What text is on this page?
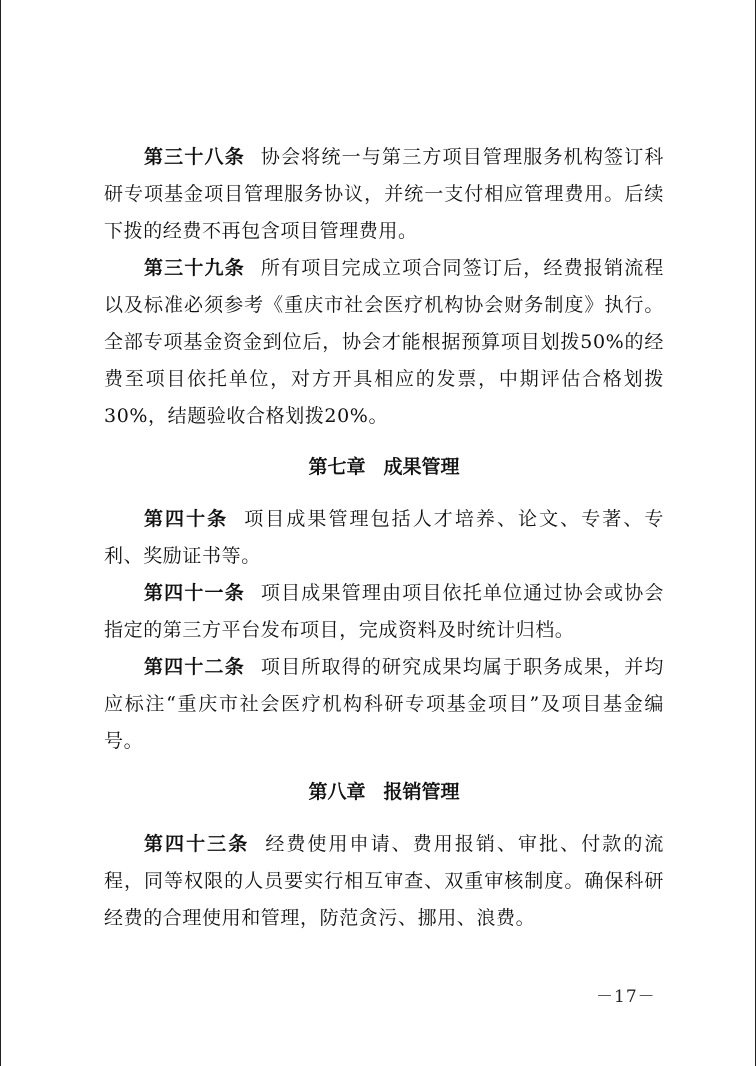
第三十八条 协会将统一与第三方项目管理服务机构签订科研专项基金项目管理服务协议，并统一支付相应管理费用。后续下拨的经费不再包含项目管理费用。

第三十九条 所有项目完成立项合同签订后，经费报销流程以及标准必须参考《重庆市社会医疗机构协会财务制度》执行。全部专项基金资金到位后，协会才能根据预算项目划拨50%的经费至项目依托单位，对方开具相应的发票，中期评估合格划拨30%，结题验收合格划拨20%。

第七章 成果管理

第四十条 项目成果管理包括人才培养、论文、专著、专利、奖励证书等。

第四十一条 项目成果管理由项目依托单位通过协会或协会指定的第三方平台发布项目，完成资料及时统计归档。

第四十二条 项目所取得的研究成果均属于职务成果，并均应标注“重庆市社会医疗机构科研专项基金项目”及项目基金编号。

第八章 报销管理

第四十三条 经费使用申请、费用报销、审批、付款的流程，同等权限的人员要实行相互审查、双重审核制度。确保科研经费的合理使用和管理，防范贪污、挪用、浪费。

－17－
